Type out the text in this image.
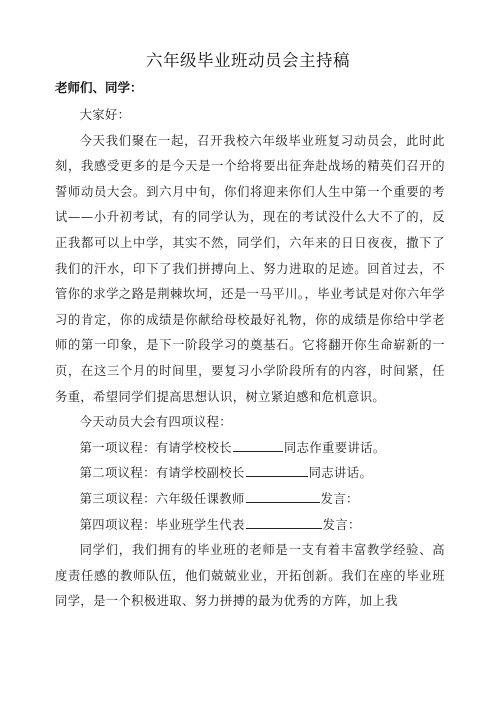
六年级毕业班动员会主持稿
老师们、同学：

大家好：

今天我们聚在一起，召开我校六年级毕业班复习动员会，此时此刻，我感受更多的是今天是一个给将要出征奔赴战场的精英们召开的誓师动员大会。到六月中旬，你们将迎来你们人生中第一个重要的考试——小升初考试，有的同学认为，现在的考试没什么大不了的，反正我都可以上中学，其实不然，同学们，六年来的日日夜夜，撒下了我们的汗水，印下了我们拼搏向上、努力进取的足迹。回首过去，不管你的求学之路是荆棘坎坷，还是一马平川。，毕业考试是对你六年学习的肯定，你的成绩是你献给母校最好礼物，你的成绩是你给中学老师的第一印象，是下一阶段学习的奠基石。它将翻开你生命崭新的一页，在这三个月的时间里，要复习小学阶段所有的内容，时间紧，任务重，希望同学们提高思想认识，树立紧迫感和危机意识。

今天动员大会有四项议程：

第一项议程：有请学校校长	同志作重要讲话。

第二项议程：有请学校副校长	同志讲话。

第三项议程：六年级任课教师	发言：

第四项议程：毕业班学生代表	发言：

同学们，我们拥有的毕业班的老师是一支有着丰富教学经验、高度责任感的教师队伍，他们兢兢业业，开拓创新。我们在座的毕业班同学，是一个积极进取、努力拼搏的最为优秀的方阵，加上我
